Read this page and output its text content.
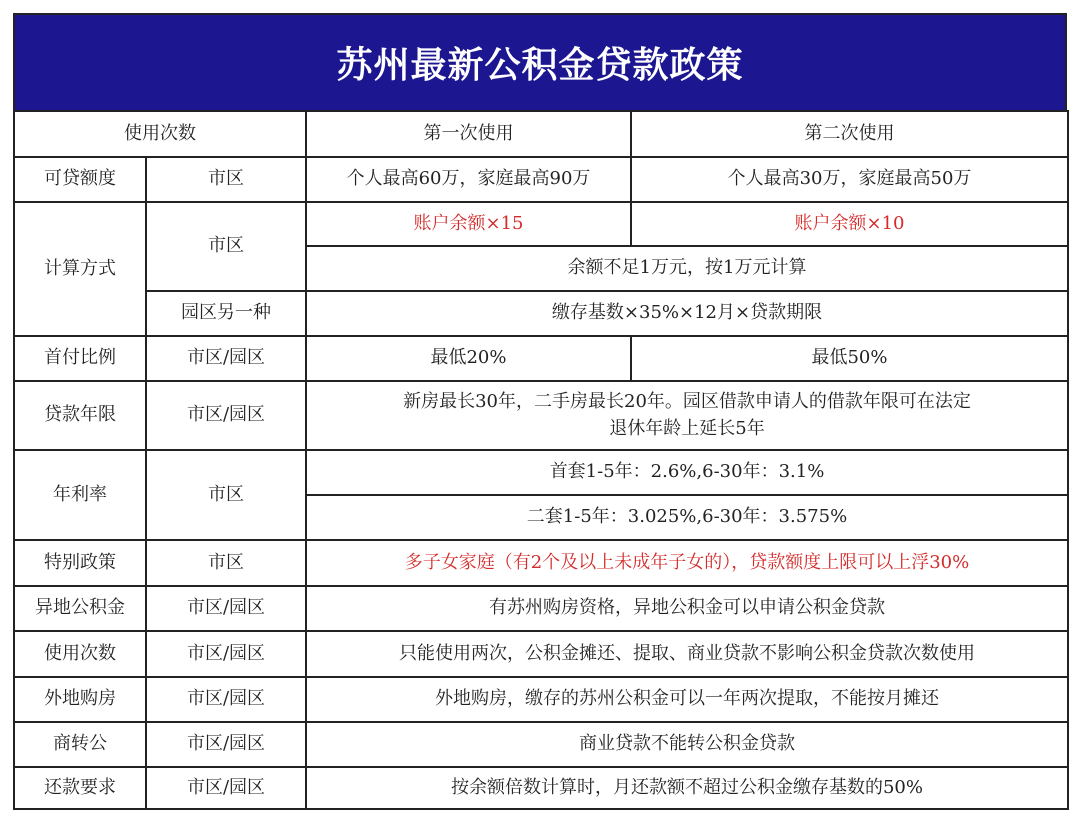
苏州最新公积金贷款政策
使用次数		第一次使用	第二次使用
可贷额度	市区	个人最高60万，家庭最高90万	个人最高30万，家庭最高50万
计算方式	市区	账户余额×15	账户余额×10
		余额不足1万元，按1万元计算	
	园区另一种	缴存基数×35%×12月×贷款期限	
首付比例	市区/园区	最低20%	最低50%
贷款年限	市区/园区	新房最长30年，二手房最长20年。园区借款申请人的借款年限可在法定
退休年龄上延长5年	

年利率	市区	首套1-5年：2.6%,6-30年：3.1%	
		二套1-5年：3.025%,6-30年：3.575%	
特别政策	市区	多子女家庭（有2个及以上未成年子女的），贷款额度上限可以上浮30%	
异地公积金	市区/园区	有苏州购房资格，异地公积金可以申请公积金贷款	
使用次数	市区/园区	只能使用两次，公积金摊还、提取、商业贷款不影响公积金贷款次数使用	
外地购房	市区/园区	外地购房，缴存的苏州公积金可以一年两次提取，不能按月摊还	
商转公	市区/园区	商业贷款不能转公积金贷款	
还款要求	市区/园区	按余额倍数计算时，月还款额不超过公积金缴存基数的50%	
